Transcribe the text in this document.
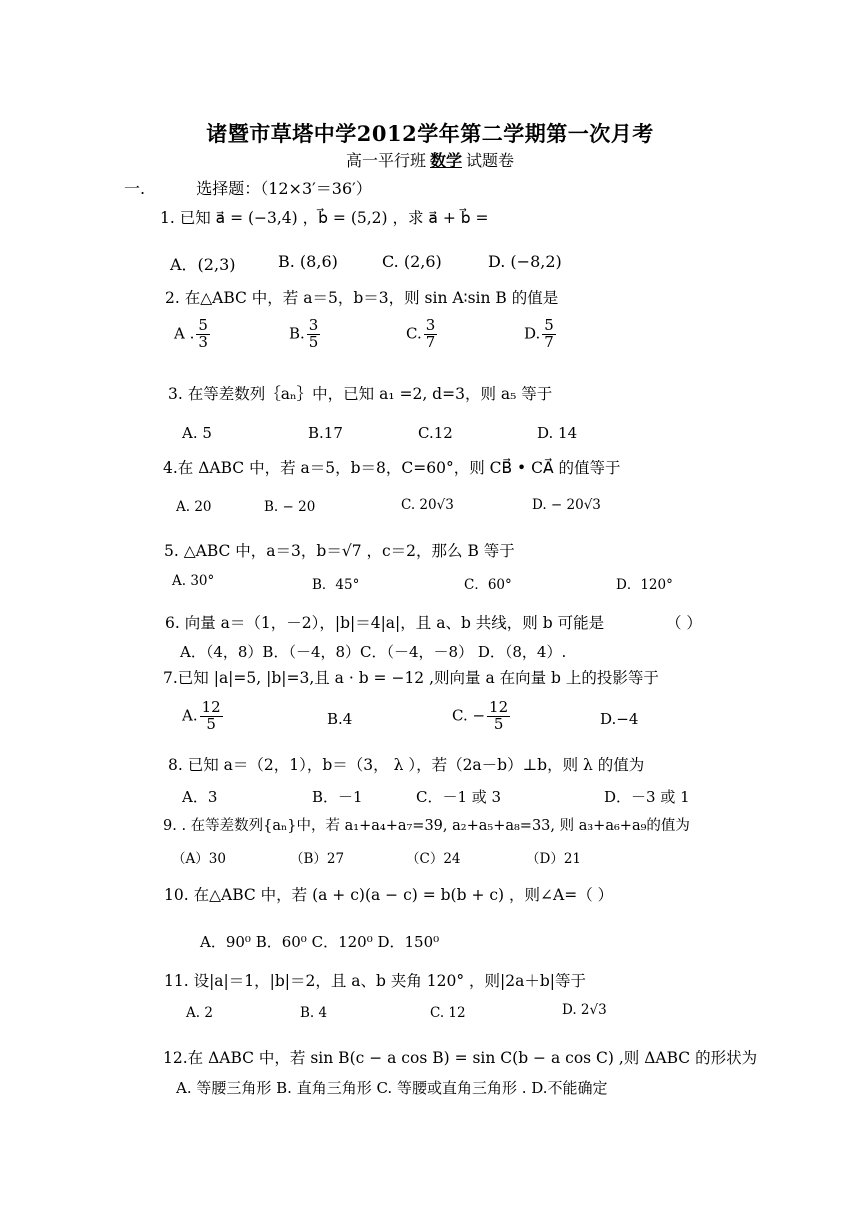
诸暨市草塔中学2012学年第二学期第一次月考
高一平行班 数学 试题卷
一.	选择题：（12×3′＝36′）
1. 已知 a⃗ = (−3,4) ，b⃗ = (5,2) ，求 a⃗ + b⃗ =
A．(2,3)	B. (8,6)	C. (2,6)	D. (−8,2)
2. 在△ABC 中，若 a＝5，b＝3，则 sin A∶sin B 的值是
A . $\frac{5}{3}$	B. $\frac{3}{5}$	C. $\frac{3}{7}$	D. $\frac{5}{7}$
3. 在等差数列｛aₙ｝中，已知 a₁ =2, d=3，则 a₅ 等于
A. 5	B.17	C.12	D. 14
4.在 ΔABC 中，若 a＝5，b＝8，C=60°，则 CB⃗ • CA⃗ 的值等于
A. 20	B. − 20	C. 20√3	D. − 20√3
5. △ABC 中，a＝3，b＝√7 ，c＝2，那么 B 等于
A. 30°	B．45°	C．60°	D．120°
6. 向量 a＝（1，－2），|b|＝4|a|，且 a、b 共线，则 b 可能是	（ ）
A．（4，8）B．（－4，8）C．（－4，－8） D．（8，4）.
7.已知 |a|=5, |b|=3,且 a · b = −12 ,则向量 a 在向量 b 上的投影等于
A. $\frac{12}{5}$	B.4	C. − $\frac{12}{5}$	D.−4
8. 已知 a＝（2，1），b＝（3， λ ），若（2a－b）⊥b，则 λ 的值为
A．3	B．－1	C．－1 或 3	D．－3 或 1
9. . 在等差数列{aₙ}中，若 a₁+a₄+a₇=39, a₂+a₅+a₈=33, 则 a₃+a₆+a₉的值为
（A）30	（B）27	（C）24	（D）21
10. 在△ABC 中，若 (a + c)(a − c) = b(b + c) ，则∠A=（ ）
A．90⁰ B．60⁰ C．120⁰ D．150⁰
11. 设|a|＝1，|b|＝2，且 a、b 夹角 120° ，则|2a＋b|等于
A. 2	B. 4	C. 12	D. 2√3
12.在 ΔABC 中，若 sin B(c − a cos B) = sin C(b − a cos C) ,则 ΔABC 的形状为
A. 等腰三角形 B. 直角三角形 C. 等腰或直角三角形 . D.不能确定
